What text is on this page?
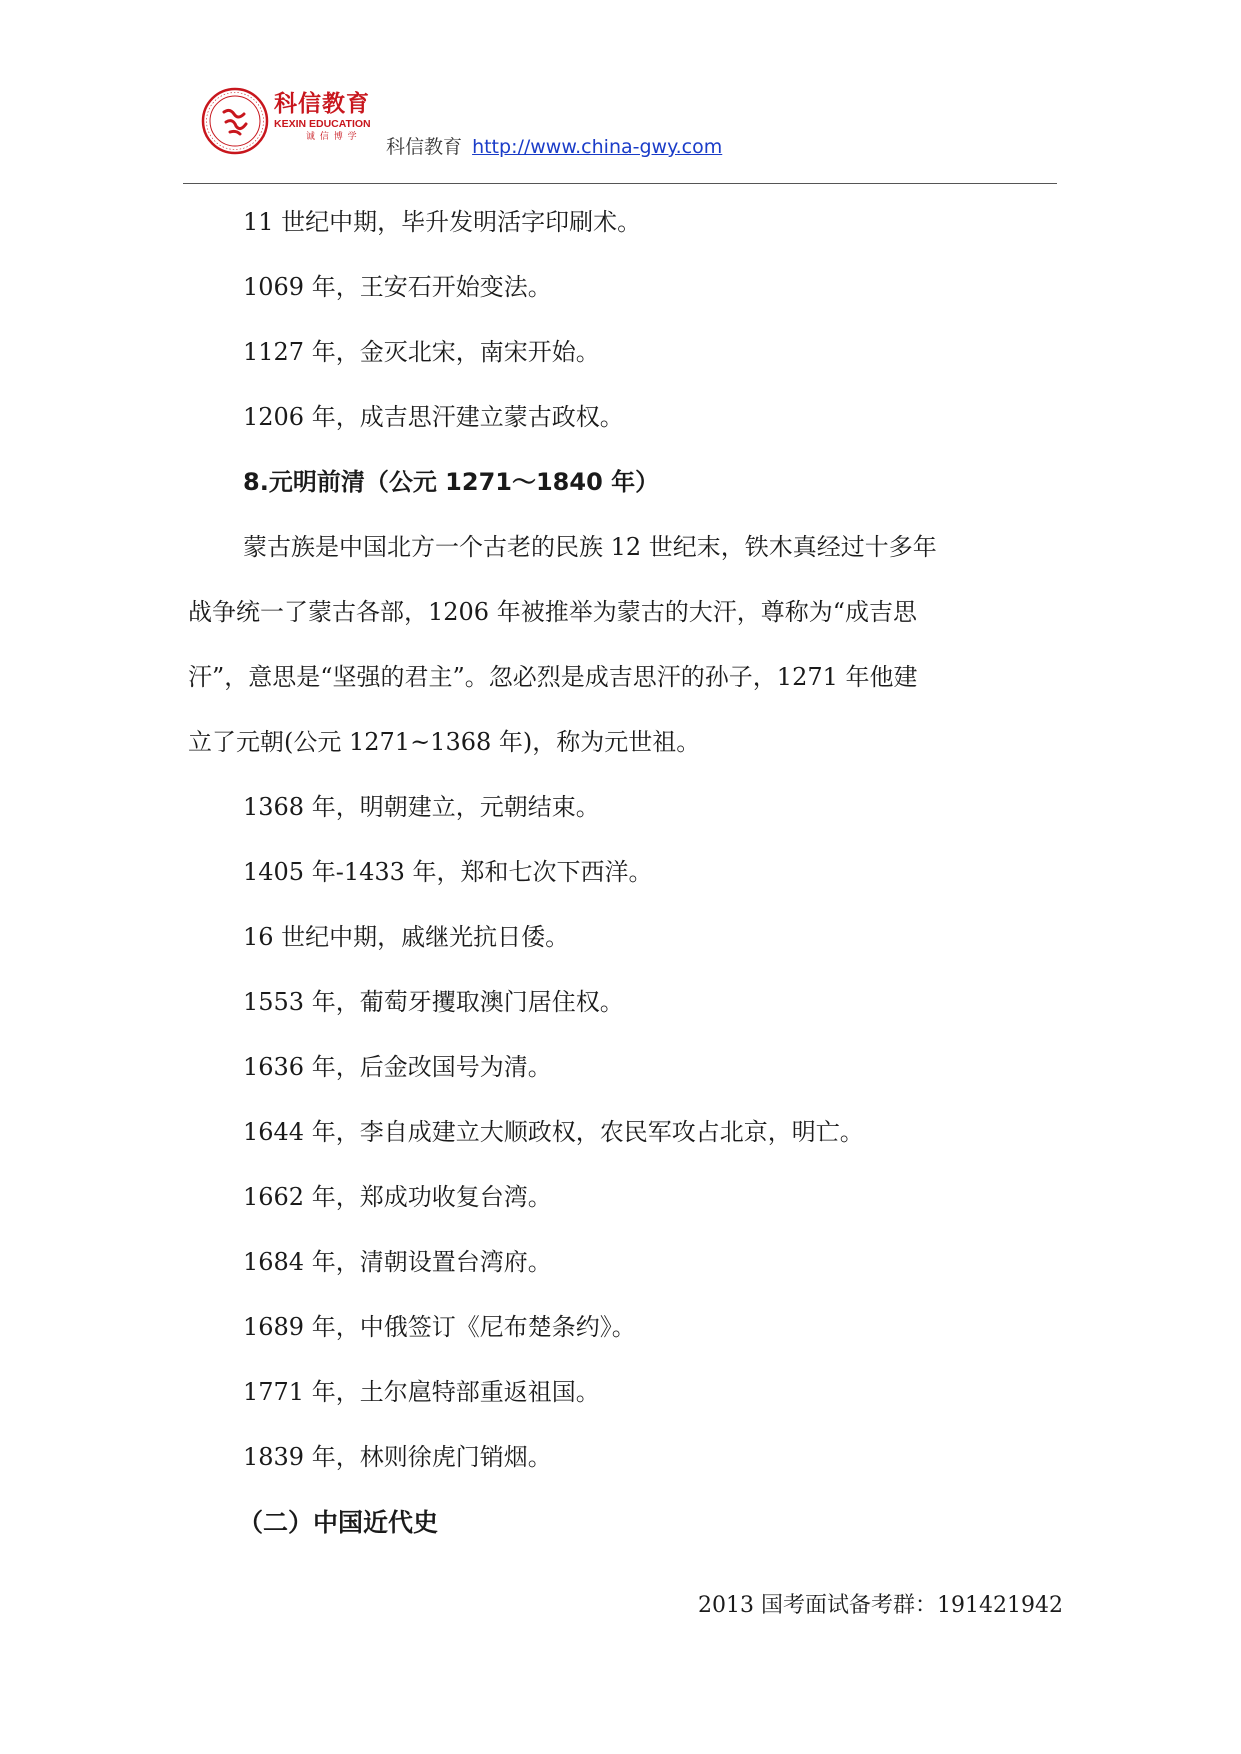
科信教育
KEXIN EDUCATION
诚 信 博 学	科信教育 http://www.china-gwy.com
11 世纪中期，毕升发明活字印刷术。
1069 年，王安石开始变法。
1127 年，金灭北宋，南宋开始。
1206 年，成吉思汗建立蒙古政权。
8.元明前清（公元 1271～1840 年）
蒙古族是中国北方一个古老的民族 12 世纪末，铁木真经过十多年
战争统一了蒙古各部，1206 年被推举为蒙古的大汗，尊称为“成吉思
汗”，意思是“坚强的君主”。忽必烈是成吉思汗的孙子，1271 年他建
立了元朝(公元 1271~1368 年)，称为元世祖。
1368 年，明朝建立，元朝结束。
1405 年-1433 年，郑和七次下西洋。
16 世纪中期，戚继光抗日倭。
1553 年，葡萄牙攫取澳门居住权。
1636 年，后金改国号为清。
1644 年，李自成建立大顺政权，农民军攻占北京，明亡。
1662 年，郑成功收复台湾。
1684 年，清朝设置台湾府。
1689 年，中俄签订《尼布楚条约》。
1771 年，土尔扈特部重返祖国。
1839 年，林则徐虎门销烟。
（二）中国近代史
2013 国考面试备考群：191421942
